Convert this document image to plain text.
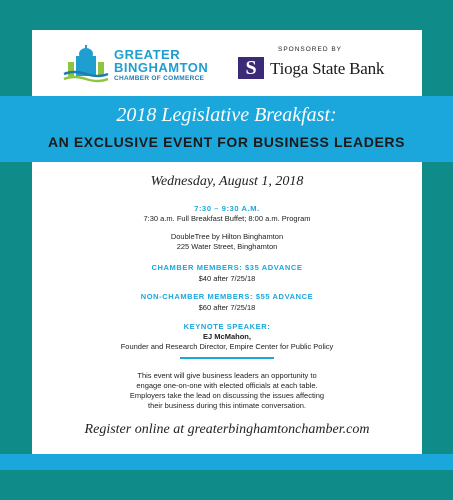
GREATER
BINGHAMTON
CHAMBER OF COMMERCE
SPONSORED BY
S Tioga State Bank
2018 Legislative Breakfast:
AN EXCLUSIVE EVENT FOR BUSINESS LEADERS
Wednesday, August 1, 2018
7:30 – 9:30 A.M.
7:30 a.m. Full Breakfast Buffet; 8:00 a.m. Program
DoubleTree by Hilton Binghamton
225 Water Street, Binghamton
CHAMBER MEMBERS: $35 ADVANCE
$40 after 7/25/18
NON-CHAMBER MEMBERS: $55 ADVANCE
$60 after 7/25/18
KEYNOTE SPEAKER:
EJ McMahon,
Founder and Research Director, Empire Center for Public Policy
This event will give business leaders an opportunity to
engage one-on-one with elected officials at each table.
Employers take the lead on discussing the issues affecting
their business during this intimate conversation.
Register online at greaterbinghamtonchamber.com
